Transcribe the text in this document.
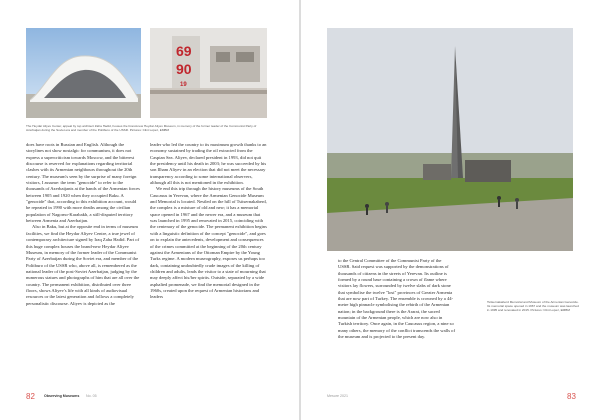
69
90
19
The Heydar Aliyev Center, appeal by top architect Zaha Hadid, houses the brand-new Heydar Aliyev Museum, in memory of the former leader of the Communist Party of Azerbaijan during the Soviet era and member of the Politburo of the USSR. Pictures: Clint Lopez, EMBM

does have roots in Russian and English. Although the storylines not show nostalgic for communism, it does not express a supercriticism towards Moscow, and the bitterest discourse is reserved for explanations regarding territorial clashes with its Armenian neighbours throughout the 20th century. The museum's seen by the surprise of many foreign visitors, I assume: the term "genocide" to refer to the thousands of Azerbaijanis at the hands of the Armenian forces between 1905 and 1920 when they occupied Baku. A "genocide" that, according to this exhibition account, would be repeated in 1990 with more deaths among the civilian population of Nagorno-Karabakh, a still-disputed territory between Armenia and Azerbaijan.

Also in Baku, but at the opposite end in terms of museum facilities, we find the Heydar Aliyev Centre, a true jewel of contemporary architecture signed by Iraq Zaha Hadid. Part of this huge complex houses the brand-new Heydar Aliyev Museum, in memory of the former leader of the Communist Party of Azerbaijan during the Soviet era, and member of the Politburo of the USSR who, above all, is remembered as the national leader of the post-Soviet Azerbaijan, judging by the numerous statues and photographs of him that are all over the country. The permanent exhibition, distributed over three floors, shows Aliyev's life with all kinds of audiovisual resources or the latest generation and follows a completely personalistic discourse. Aliyev is depicted as the

leader who led the country to its maximum growth thanks to an economy sustained by trading the oil extracted from the Caspian Sea. Aliyev, declared president in 1993, did not quit the presidency until his death in 2003; he was succeeded by his son Ilham Aliyev in an election that did not meet the necessary transparency according to some international observers, although all this is not mentioned in the exhibition.

We end this trip through the history museums of the South Caucasus in Yerevan, where the Armenian Genocide Museum and Memorial is located. Nestled on the hill of Tsitsernakaberd, the complex is a mixture of old and new; it has a memorial space opened in 1967 and the newer era, and a museum that was launched in 1995 and renovated in 2015, coinciding with the centenary of the genocide. The permanent exhibition begins with a linguistic definition of the concept "genocide", and goes on to explain the antecedents, development and consequences of the crimes committed at the beginning of the 20th century against the Armenians of the Ottoman Empire by the Young Turks regime. A modern museography, exposes us perhaps too dark, containing undoubtedly crude images of the killing of children and adults, leads the visitor to a state of mourning that may deeply affect his/her spirits. Outside, separated by a wide asphalted promenade, we find the memorial designed in the 1960s, created upon the request of Armenian historians and leaders

82	Observing Museums No. 05

to the Central Committee of the Communist Party of the USSR. Said request was supported by the demonstrations of thousands of citizens in the streets of Yerevan. Its outline is formed by a round base containing a crown of flame where visitors lay flowers, surrounded by twelve slabs of dark stone that symbolise the twelve "lost" provinces of Greater Armenia that are now part of Turkey. The ensemble is crowned by a 44-metre high pinnacle symbolising the rebirth of the Armenian nation; in the background there is the Ararat, the sacred mountain of the Armenian people, which are now also in Turkish territory. Once again, in the Caucasus region, a nine so many others, the memory of the conflict transcends the walls of the museum and is projected to the present day.

Tsitsernakaberd Memorial and Museum of the Armenian Genocide. Its memorial space opened in 1967 and the museum was launched in 1995 and renovated in 2015. Pictures: Clint Lopez, EMBM
83
Mesure 2021
